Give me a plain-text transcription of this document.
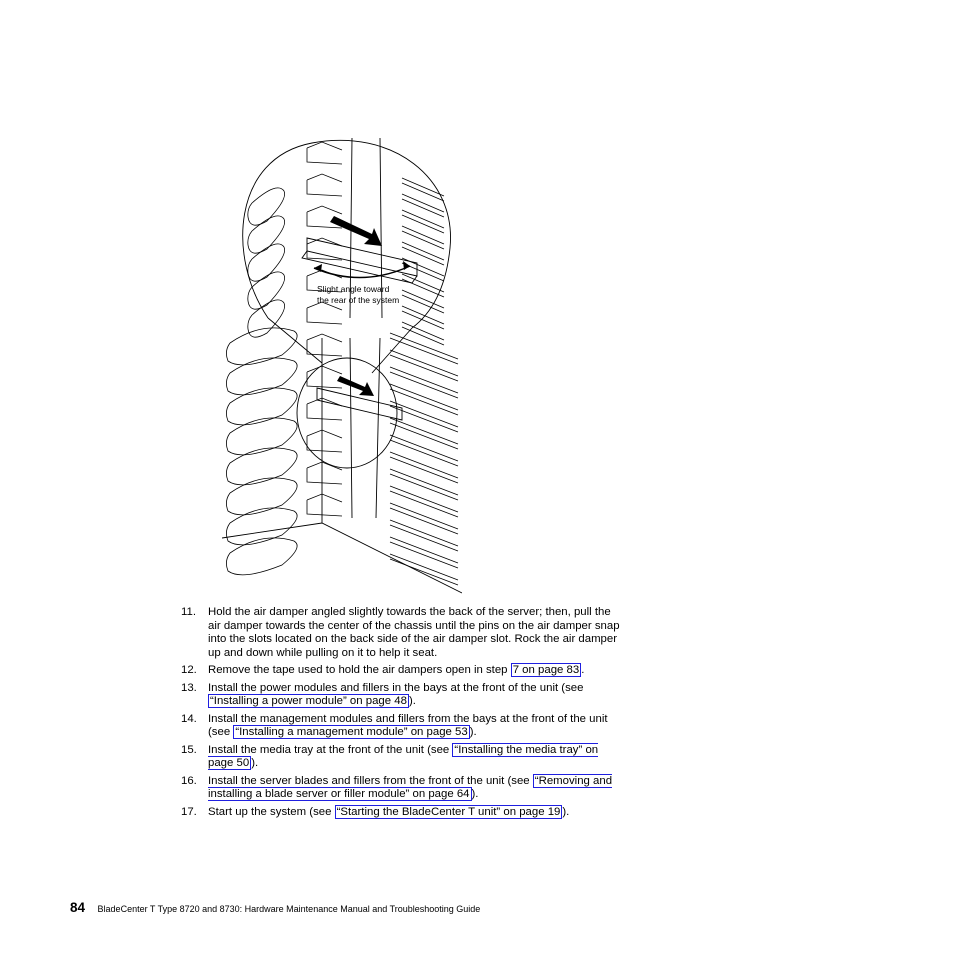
Slight angle toward
the rear of the system
11. Hold the air damper angled slightly towards the back of the server; then, pull the air damper towards the center of the chassis until the pins on the air damper snap into the slots located on the back side of the air damper slot. Rock the air damper up and down while pulling on it to help it seat.
12. Remove the tape used to hold the air dampers open in step 7 on page 83 .
13. Install the power modules and fillers in the bays at the front of the unit (see “Installing a power module” on page 48 ).
14. Install the management modules and fillers from the bays at the front of the unit (see “Installing a management module” on page 53 ).
15. Install the media tray at the front of the unit (see “Installing the media tray” on page 50 ).
16. Install the server blades and fillers from the front of the unit (see “Removing and installing a blade server or filler module” on page 64 ).
17. Start up the system (see “Starting the BladeCenter T unit” on page 19 ).
84 BladeCenter T Type 8720 and 8730: Hardware Maintenance Manual and Troubleshooting Guide
